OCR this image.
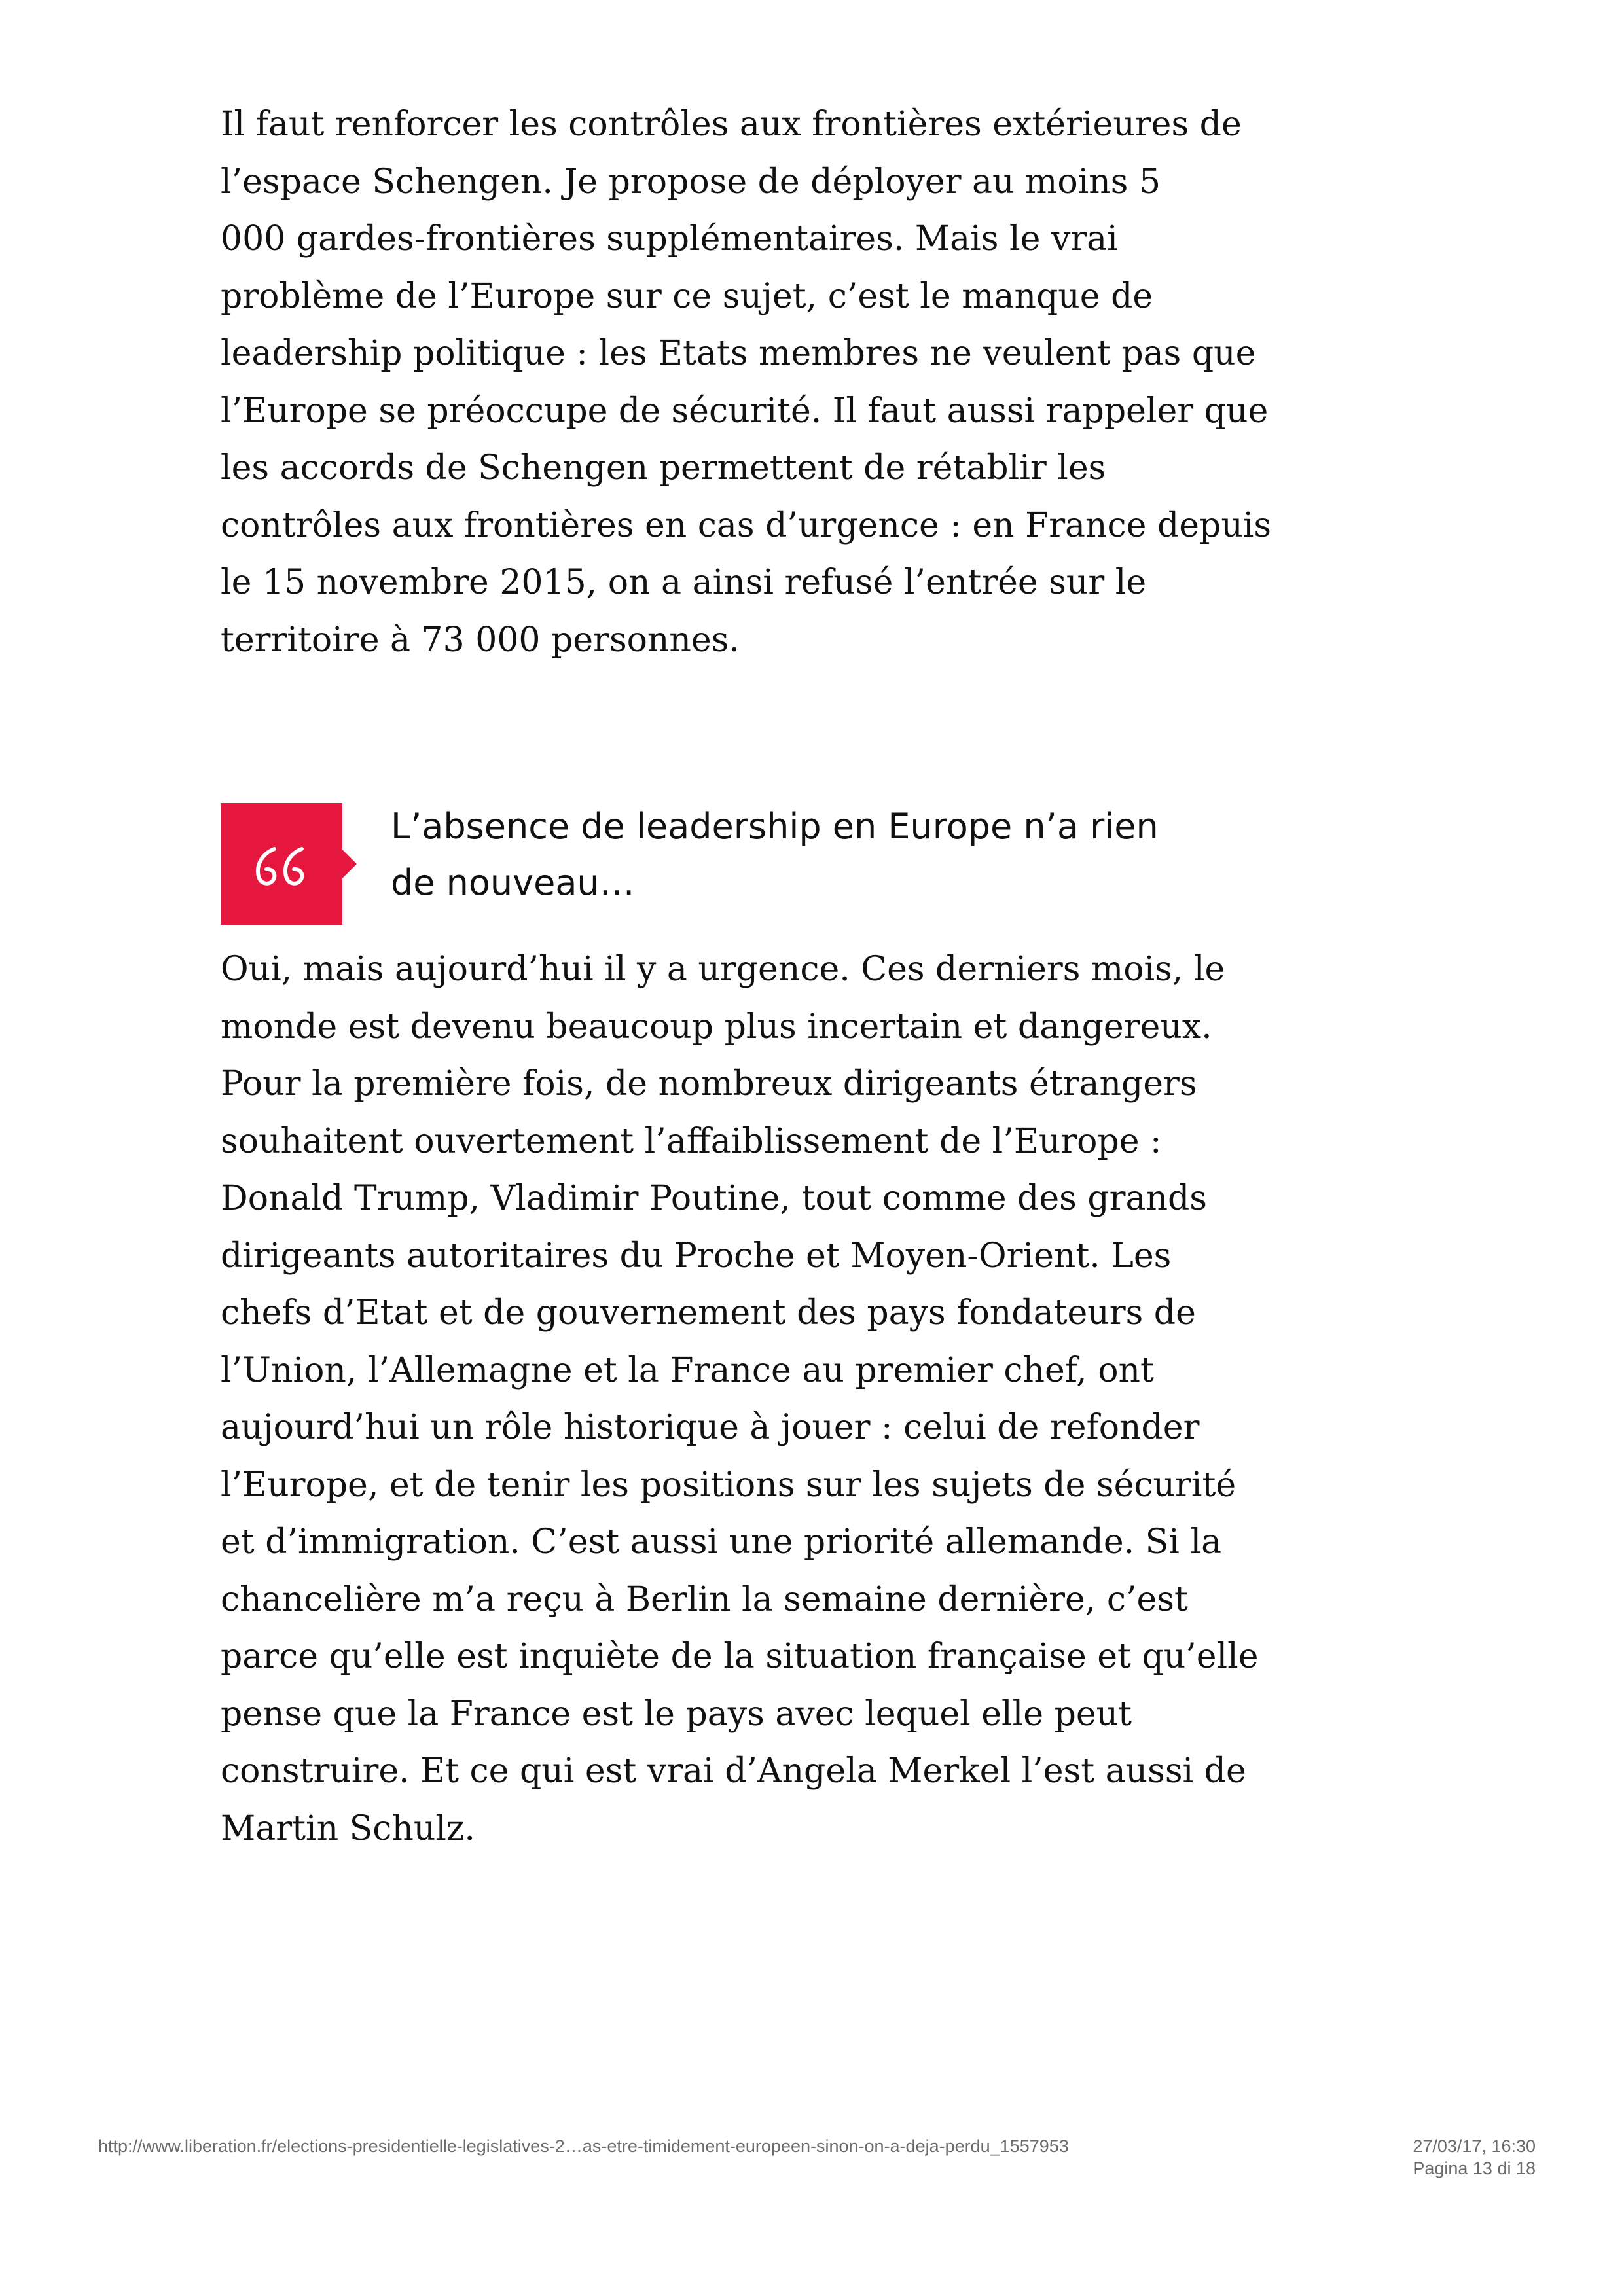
Il faut renforcer les contrôles aux frontières extérieures de
l’espace Schengen. Je propose de déployer au moins 5
000 gardes-frontières supplémentaires. Mais le vrai
problème de l’Europe sur ce sujet, c’est le manque de
leadership politique : les Etats membres ne veulent pas que
l’Europe se préoccupe de sécurité. Il faut aussi rappeler que
les accords de Schengen permettent de rétablir les
contrôles aux frontières en cas d’urgence : en France depuis
le 15 novembre 2015, on a ainsi refusé l’entrée sur le
territoire à 73 000 personnes.

L’absence de leadership en Europe n’a rien
de nouveau…

Oui, mais aujourd’hui il y a urgence. Ces derniers mois, le
monde est devenu beaucoup plus incertain et dangereux.
Pour la première fois, de nombreux dirigeants étrangers
souhaitent ouvertement l’affaiblissement de l’Europe :
Donald Trump, Vladimir Poutine, tout comme des grands
dirigeants autoritaires du Proche et Moyen-Orient. Les
chefs d’Etat et de gouvernement des pays fondateurs de
l’Union, l’Allemagne et la France au premier chef, ont
aujourd’hui un rôle historique à jouer : celui de refonder
l’Europe, et de tenir les positions sur les sujets de sécurité
et d’immigration. C’est aussi une priorité allemande. Si la
chancelière m’a reçu à Berlin la semaine dernière, c’est
parce qu’elle est inquiète de la situation française et qu’elle
pense que la France est le pays avec lequel elle peut
construire. Et ce qui est vrai d’Angela Merkel l’est aussi de
Martin Schulz.

http://www.liberation.fr/elections-presidentielle-legislatives-2…as-etre-timidement-europeen-sinon-on-a-deja-perdu_1557953	27/03/17, 16:30
Pagina 13 di 18
